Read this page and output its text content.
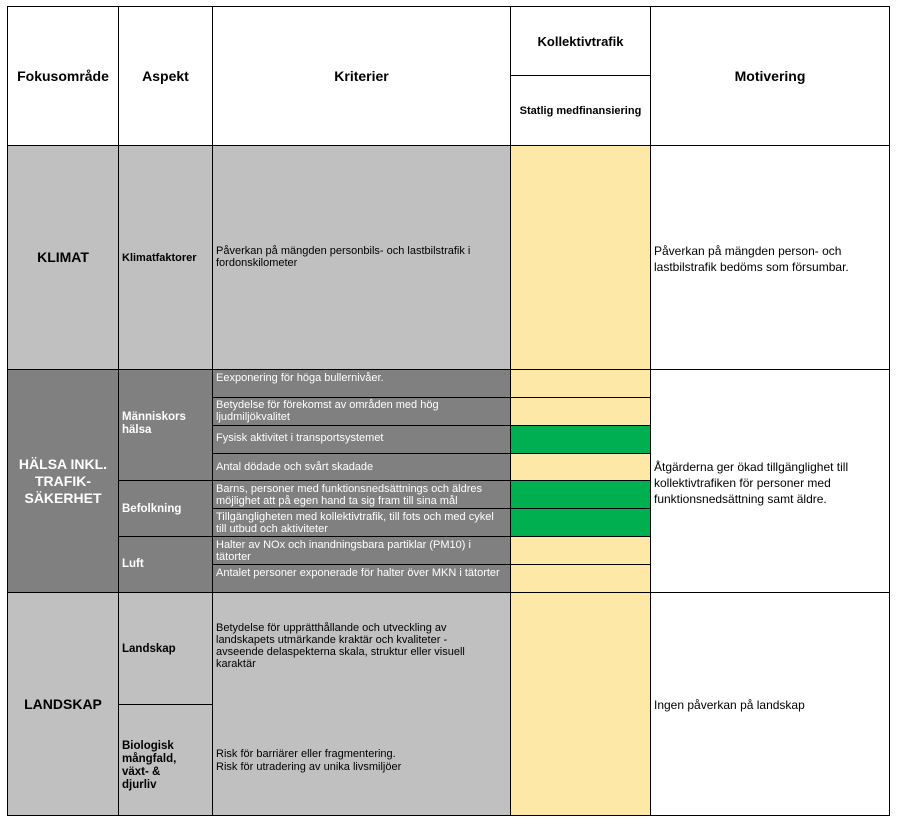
Fokusområde Aspekt	Kriterier
Kollektivtrafik
Statlig medfinansiering
Motivering
KLIMAT	Klimatfaktorer
Påverkan på mängden personbils- och lastbilstrafik i fordonskilometer
Påverkan på mängden person- och lastbilstrafik bedöms som försumbar.
HÄLSA INKL. TRAFIK-SÄKERHET
Människors hälsa
Befolkning
Luft
Eexponering för höga bullernivåer.
Betydelse för förekomst av områden med hög ljudmiljökvalitet
Fysisk aktivitet i transportsystemet
Antal dödade och svårt skadade
Barns, personer med funktionsnedsättnings och äldres möjlighet att på egen hand ta sig fram till sina mål
Tillgängligheten med kollektivtrafik, till fots och med cykel till utbud och aktiviteter
Halter av NOx och inandningsbara partiklar (PM10) i tätorter
Antalet personer exponerade för halter över MKN i tätorter
Åtgärderna ger ökad tillgänglighet till kollektivtrafiken för personer med funktionsnedsättning samt äldre.
LANDSKAP
Landskap
Biologisk mångfald, växt- & djurliv
Betydelse för upprätthållande och utveckling av landskapets utmärkande kraktär och kvaliteter - avseende delaspekterna skala, struktur eller visuell karaktär
Risk för barriärer eller fragmentering.
Risk för utradering av unika livsmiljöer
Ingen påverkan på landskap
